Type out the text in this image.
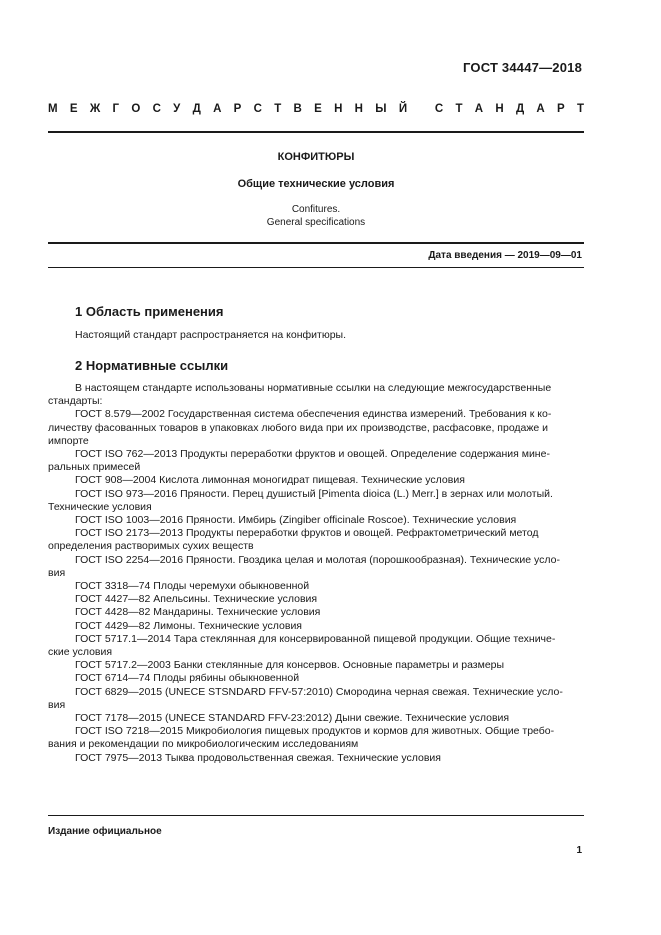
ГОСТ 34447—2018
М Е Ж Г О С У Д А Р С Т В Е Н Н Ы Й
С Т А Н Д А Р Т
КОНФИТЮРЫ
Общие технические условия
Confitures.
General specifications
Дата введения — 2019—09—01
1 Область применения
Настоящий стандарт распространяется на конфитюры.
2 Нормативные ссылки
В настоящем стандарте использованы нормативные ссылки на следующие межгосударственные
стандарты:
ГОСТ 8.579—2002 Государственная система обеспечения единства измерений. Требования к ко-
личеству фасованных товаров в упаковках любого вида при их производстве, расфасовке, продаже и
импорте
ГОСТ ISO 762—2013 Продукты переработки фруктов и овощей. Определение содержания мине-
ральных примесей
ГОСТ 908—2004 Кислота лимонная моногидрат пищевая. Технические условия
ГОСТ ISO 973—2016 Пряности. Перец душистый [Pimenta dioica (L.) Merr.] в зернах или молотый.
Технические условия
ГОСТ ISO 1003—2016 Пряности. Имбирь (Zingiber officinale Roscoe). Технические условия
ГОСТ ISO 2173—2013 Продукты переработки фруктов и овощей. Рефрактометрический метод
определения растворимых сухих веществ
ГОСТ ISO 2254—2016 Пряности. Гвоздика целая и молотая (порошкообразная). Технические усло-
вия
ГОСТ 3318—74 Плоды черемухи обыкновенной
ГОСТ 4427—82 Апельсины. Технические условия
ГОСТ 4428—82 Мандарины. Технические условия
ГОСТ 4429—82 Лимоны. Технические условия
ГОСТ 5717.1—2014 Тара стеклянная для консервированной пищевой продукции. Общие техниче-
ские условия
ГОСТ 5717.2—2003 Банки стеклянные для консервов. Основные параметры и размеры
ГОСТ 6714—74 Плоды рябины обыкновенной
ГОСТ 6829—2015 (UNECE STSNDARD FFV-57:2010) Смородина черная свежая. Технические усло-
вия
ГОСТ 7178—2015 (UNECE STANDARD FFV-23:2012) Дыни свежие. Технические условия
ГОСТ ISO 7218—2015 Микробиология пищевых продуктов и кормов для животных. Общие требо-
вания и рекомендации по микробиологическим исследованиям
ГОСТ 7975—2013 Тыква продовольственная свежая. Технические условия
Издание официальное
1
